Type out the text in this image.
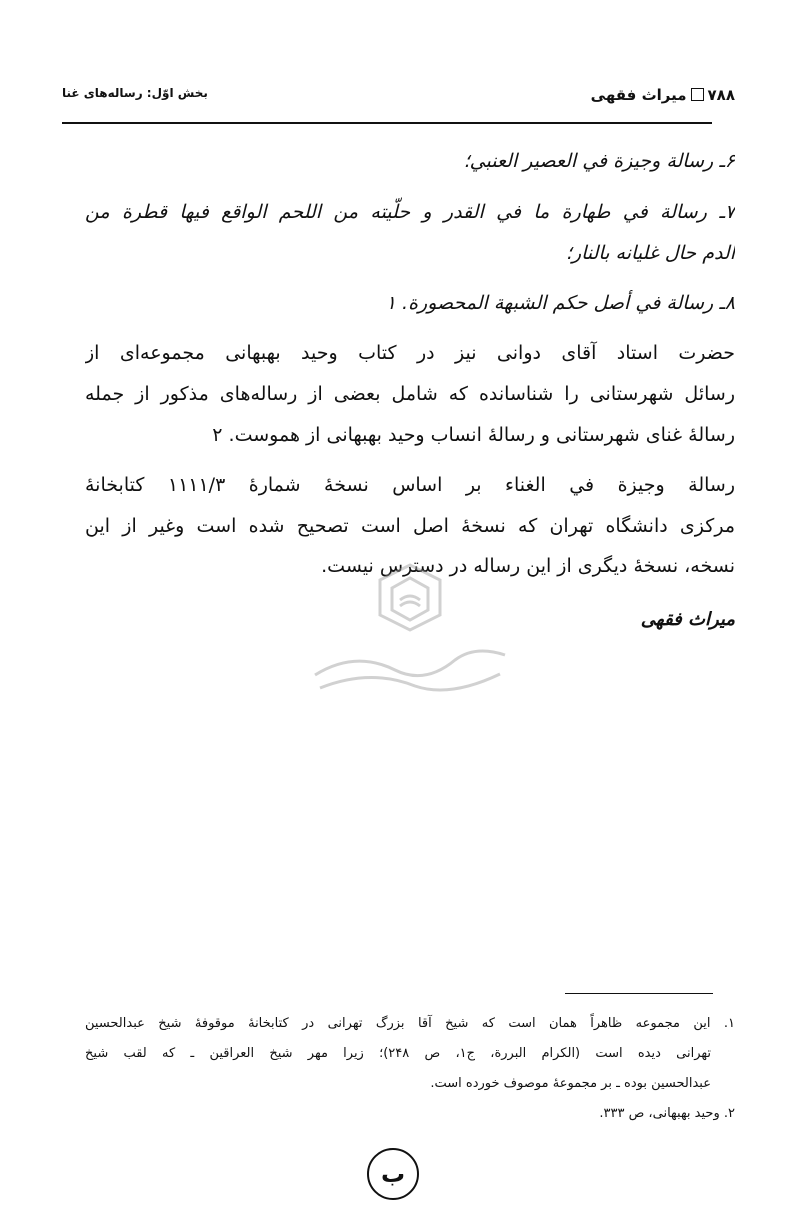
۷۸۸میراث فقهی
بخش اوّل: رساله‌های غنا
۶ـ رسالة وجيزة في العصير العنبي؛
۷ـ رسالة في طهارة ما في القدر و حلّيته من اللحم الواقع فيها قطرة من
الدم حال غليانه بالنار؛
۸ـ رسالة في أصل حكم الشبهة المحصورة. ۱
حضرت استاد آقای دوانی نیز در کتاب وحید بهبهانی مجموعه‌ای از
رسائل شهرستانی را شناسانده که شامل بعضی از رساله‌های مذکور از جمله
رسالهٔ غنای شهرستانی و رسالهٔ انساب وحید بهبهانی از هموست. ۲
رسالة وجيزة في الغناء بر اساس نسخهٔ شمارهٔ ۱۱۱۱/۳ کتابخانهٔ
مرکزی دانشگاه تهران که نسخهٔ اصل است تصحیح شده است وغیر از این
نسخه، نسخهٔ دیگری از این رساله در دسترس نیست.
میراث فقهی
۱. این مجموعه ظاهراً همان است که شیخ آقا بزرگ تهرانی در کتابخانهٔ موقوفهٔ شیخ عبدالحسین
تهرانی دیده است (الکرام البررة، ج۱، ص ۲۴۸)؛ زیرا مهر شیخ العراقین ـ که لقب شیخ
عبدالحسین بوده ـ بر مجموعهٔ موصوف خورده است.
۲. وحید بهبهانی، ص ۳۳۳.
ب
